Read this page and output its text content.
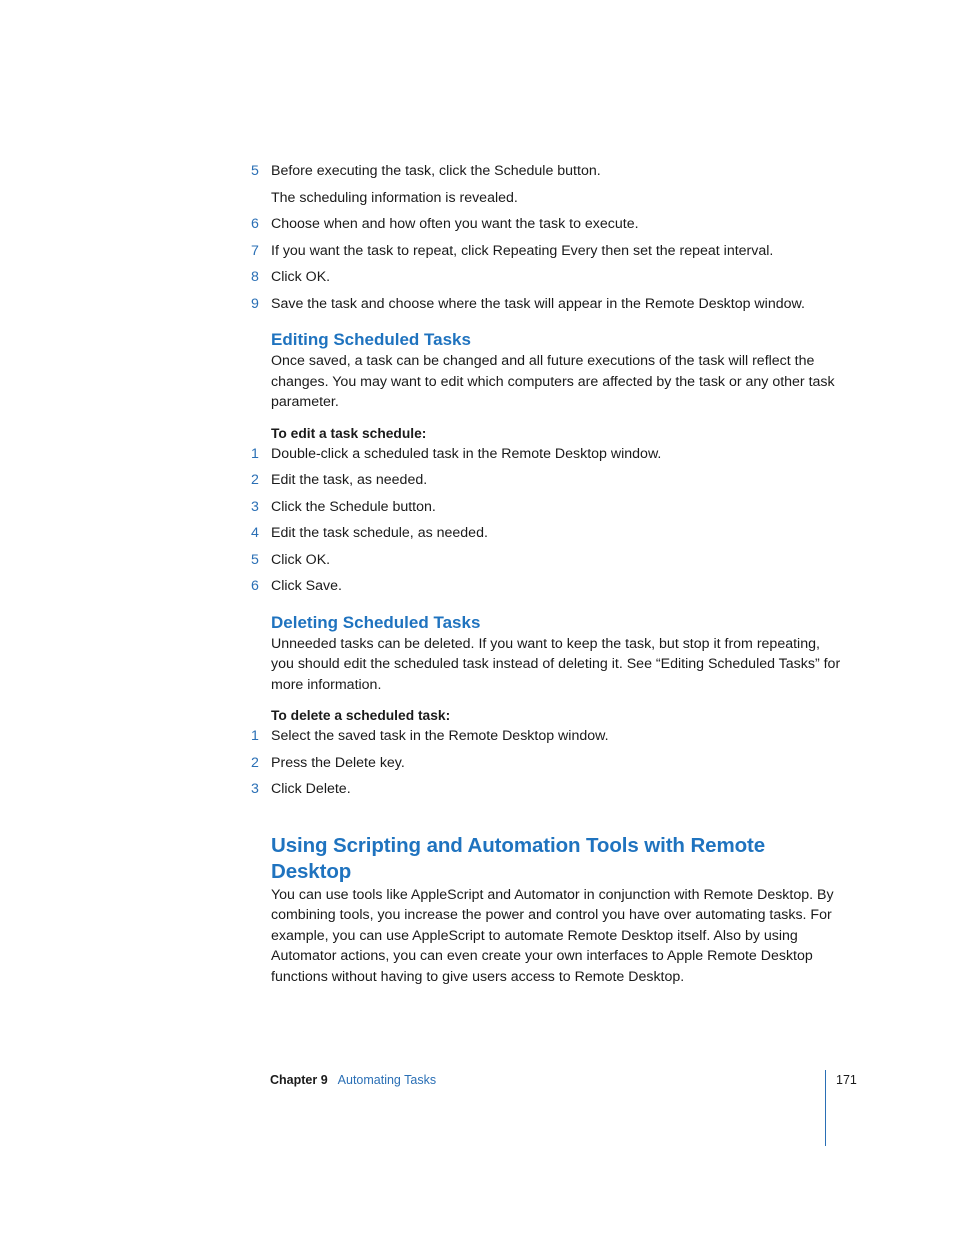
5 Before executing the task, click the Schedule button.

The scheduling information is revealed.

6 Choose when and how often you want the task to execute.
7 If you want the task to repeat, click Repeating Every then set the repeat interval.
8 Click OK.
9 Save the task and choose where the task will appear in the Remote Desktop window.
Editing Scheduled Tasks

Once saved, a task can be changed and all future executions of the task will reflect the changes. You may want to edit which computers are affected by the task or any other task parameter.

To edit a task schedule:

1 Double-click a scheduled task in the Remote Desktop window.
2 Edit the task, as needed.
3 Click the Schedule button.
4 Edit the task schedule, as needed.
5 Click OK.
6 Click Save.
Deleting Scheduled Tasks

Unneeded tasks can be deleted. If you want to keep the task, but stop it from repeating, you should edit the scheduled task instead of deleting it. See “Editing Scheduled Tasks” for more information.

To delete a scheduled task:

1 Select the saved task in the Remote Desktop window.
2 Press the Delete key.
3 Click Delete.
Using Scripting and Automation Tools with Remote Desktop

You can use tools like AppleScript and Automator in conjunction with Remote Desktop. By combining tools, you increase the power and control you have over automating tasks. For example, you can use AppleScript to automate Remote Desktop itself. Also by using Automator actions, you can even create your own interfaces to Apple Remote Desktop functions without having to give users access to Remote Desktop.

Chapter 9 Automating Tasks	171
